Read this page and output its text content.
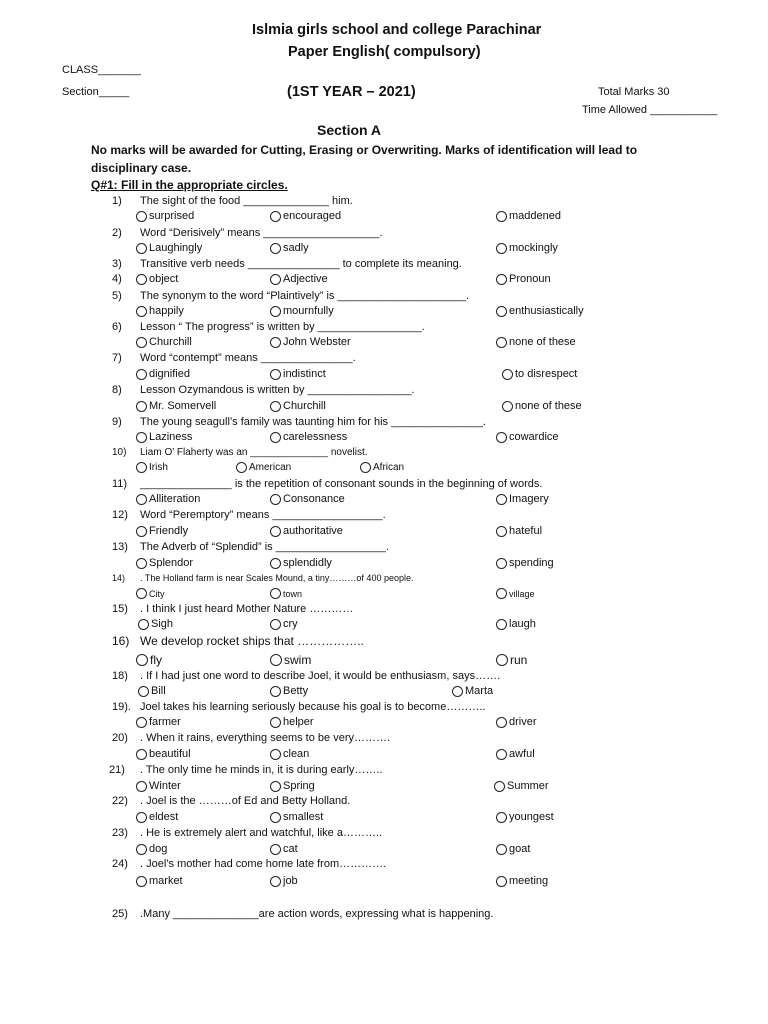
Islmia girls school and college Parachinar
Paper English( compulsory)
CLASS_______
Section_____	(1ST YEAR – 2021)	Total Marks 30
Time Allowed ___________
Section A
No marks will be awarded for Cutting, Erasing or Overwriting. Marks of identification will lead to
disciplinary case.
Q#1: Fill in the appropriate circles.
1) The sight of the food ______________ him.
surprised	encouraged	maddened
2) Word “Derisively” means ___________________.
Laughingly	sadly	mockingly
3) Transitive verb needs _______________ to complete its meaning.
4) object	Adjective	Pronoun
5) The synonym to the word “Plaintively” is _____________________.
happily	mournfully	enthusiastically
6) Lesson “ The progress” is written by _________________.
Churchill	John Webster	none of these
7) Word “contempt” means _______________.
dignified	indistinct	to disrespect
8) Lesson Ozymandous is written by _________________.
Mr. Somervell	Churchill	none of these
9) The young seagull’s family was taunting him for his _______________.
Laziness	carelessness	cowardice
10) Liam O’ Flaherty was an ______________ novelist.
Irish	American	African
11) _______________ is the repetition of consonant sounds in the beginning of words.
Alliteration	Consonance	Imagery
12) Word “Peremptory” means __________________.
Friendly	authoritative	hateful
13) The Adverb of “Splendid” is __________________.
Splendor	splendidly	spending
14) . The Holland farm is near Scales Mound, a tiny………of 400 people.
City	town	village
15) . I think I just heard Mother Nature …………
Sigh	cry	laugh
16) We develop rocket ships that ……………..
fly	swim	run
18) . If I had just one word to describe Joel, it would be enthusiasm, says…….
Bill	Betty	Marta
19). Joel takes his learning seriously because his goal is to become………..
farmer	helper	driver
20) . When it rains, everything seems to be very……….
beautiful	clean	awful
21) . The only time he minds in, it is during early……..
Winter	Spring	Summer
22) . Joel is the ………of Ed and Betty Holland.
eldest	smallest	youngest
23) . He is extremely alert and watchful, like a………..
dog	cat	goat
24) . Joel’s mother had come home late from………….
market	job	meeting
25) .Many ______________are action words, expressing what is happening.
